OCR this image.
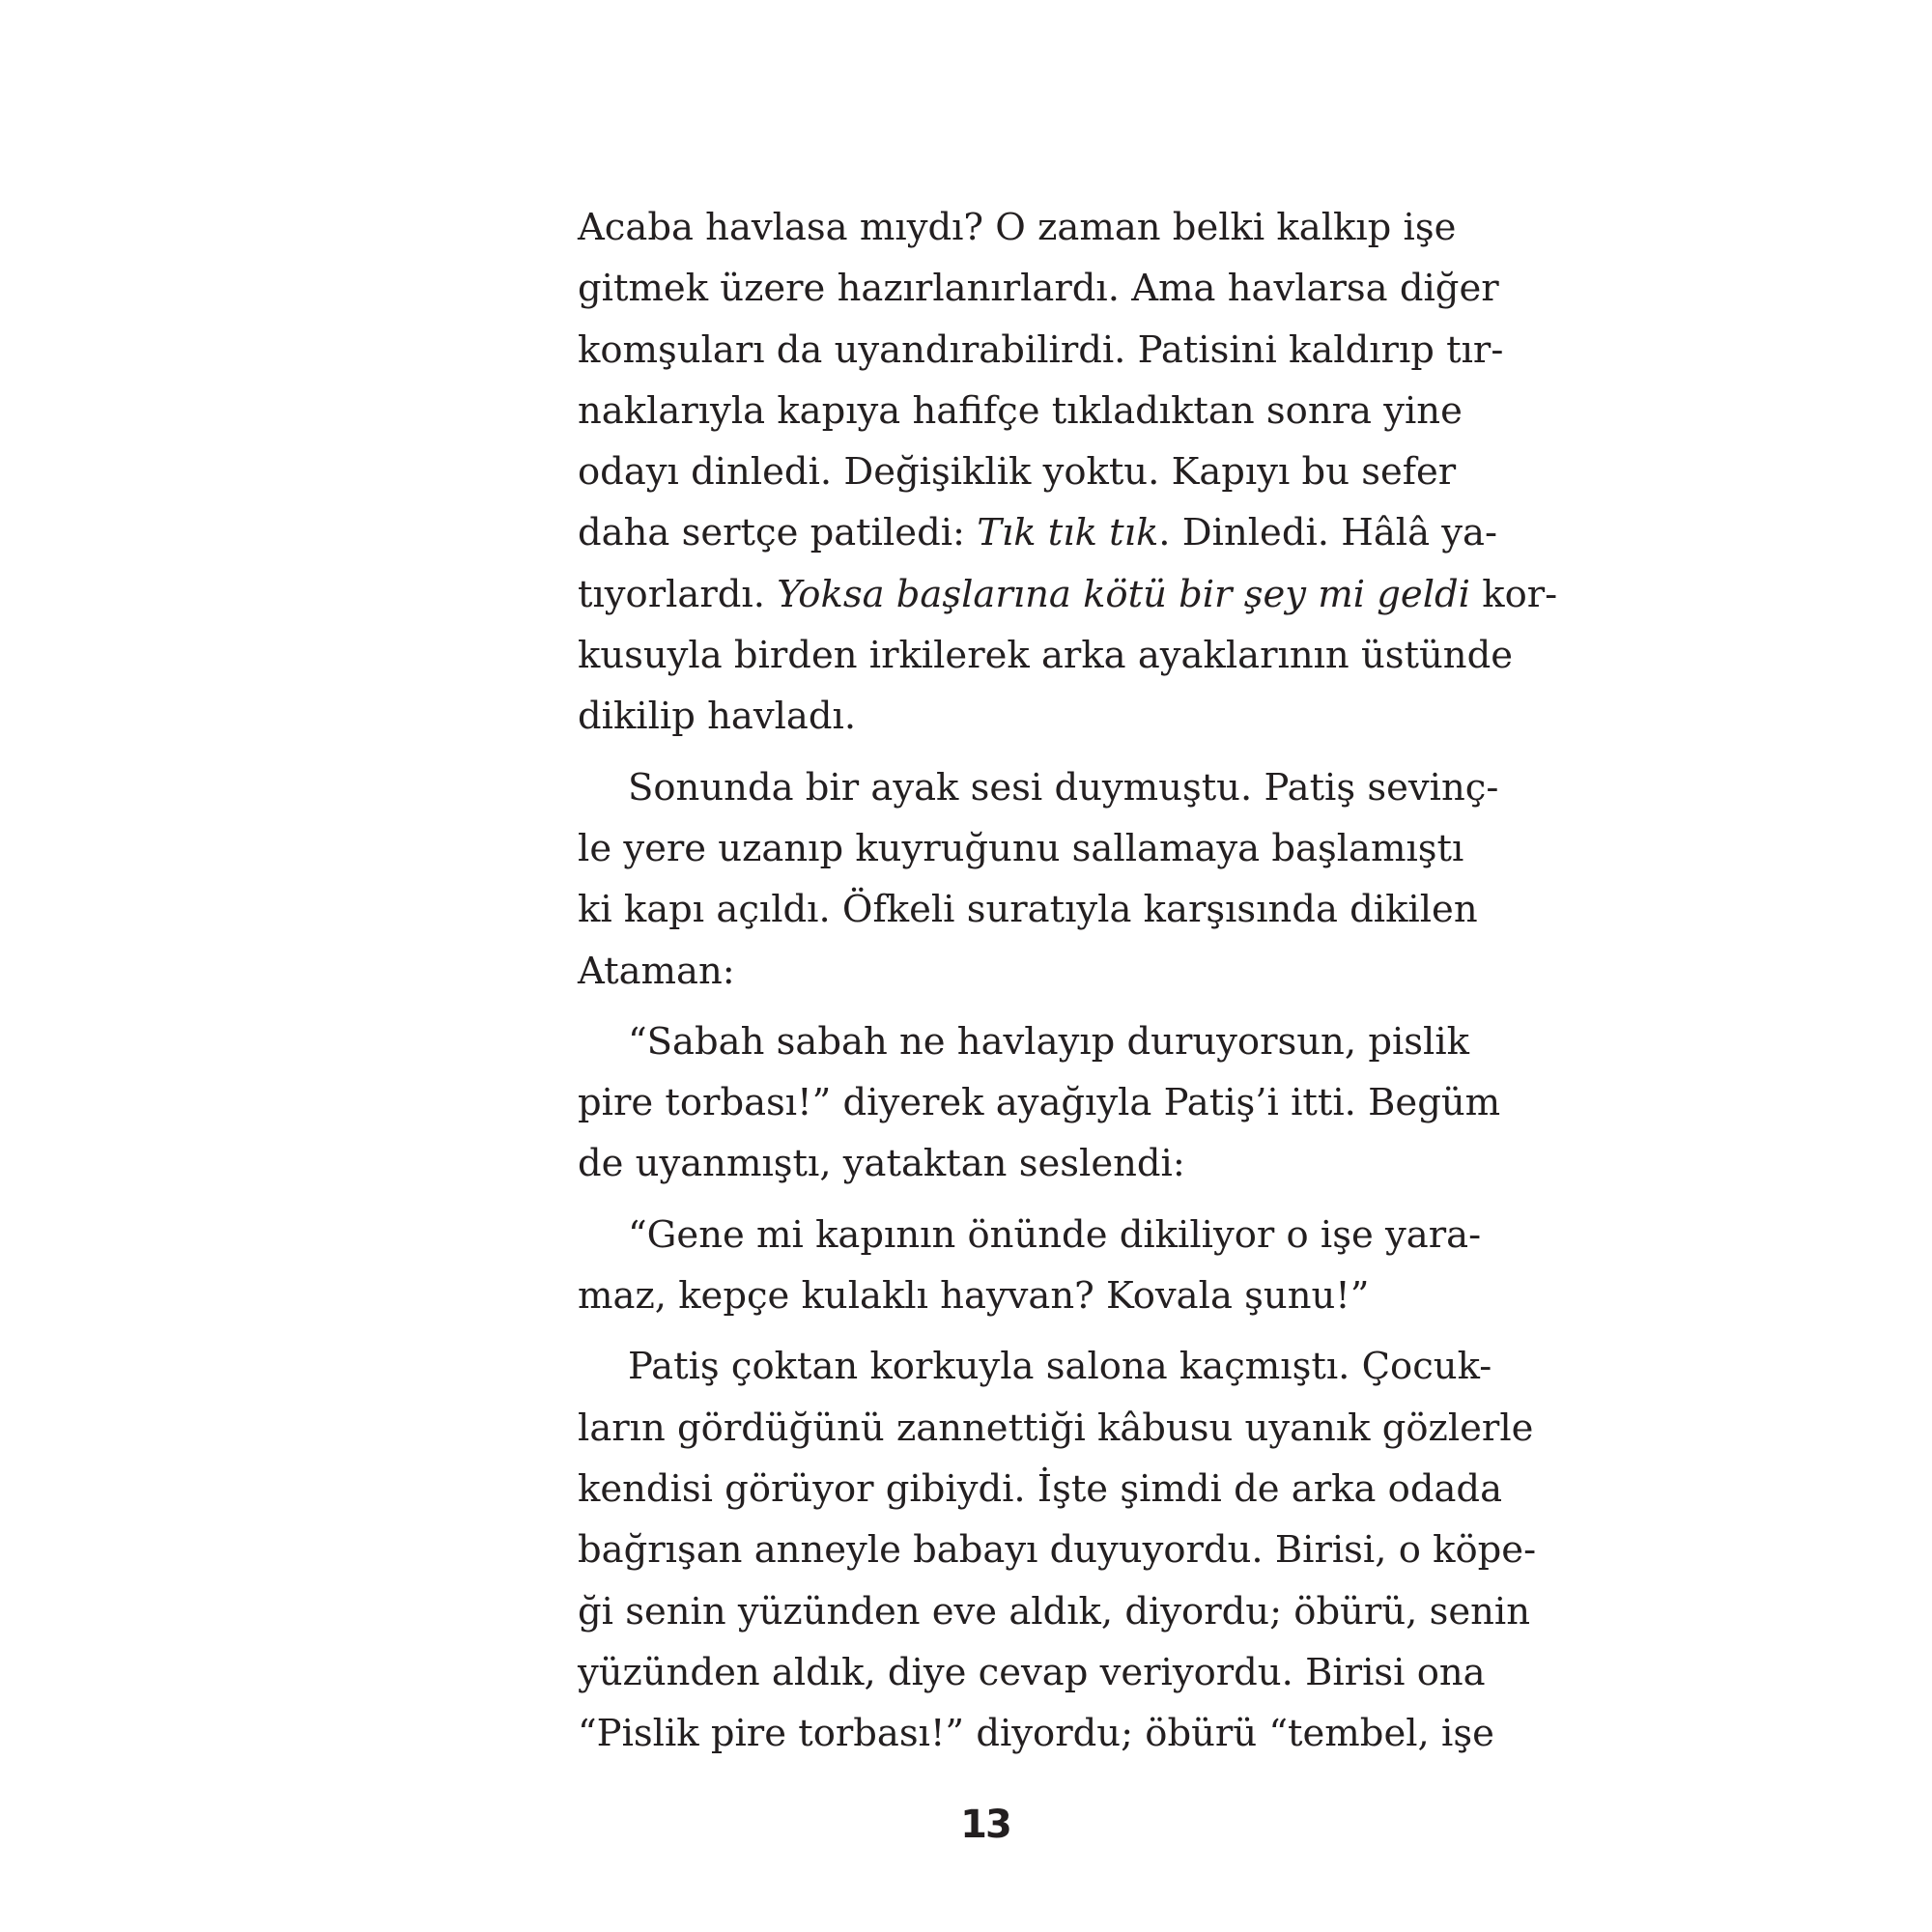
Acaba havlasa mıydı? O zaman belki kalkıp işe
gitmek üzere hazırlanırlardı. Ama havlarsa diğer
komşuları da uyandırabilirdi. Patisini kaldırıp tır-
naklarıyla kapıya hafifçe tıkladıktan sonra yine
odayı dinledi. Değişiklik yoktu. Kapıyı bu sefer
daha sertçe patiledi: Tık tık tık. Dinledi. Hâlâ ya-
tıyorlardı. Yoksa başlarına kötü bir şey mi geldi kor-
kusuyla birden irkilerek arka ayaklarının üstünde
dikilip havladı.
Sonunda bir ayak sesi duymuştu. Patiş sevinç-
le yere uzanıp kuyruğunu sallamaya başlamıştı
ki kapı açıldı. Öfkeli suratıyla karşısında dikilen
Ataman:
“Sabah sabah ne havlayıp duruyorsun, pislik
pire torbası!” diyerek ayağıyla Patiş’i itti. Begüm
de uyanmıştı, yataktan seslendi:
“Gene mi kapının önünde dikiliyor o işe yara-
maz, kepçe kulaklı hayvan? Kovala şunu!”
Patiş çoktan korkuyla salona kaçmıştı. Çocuk-
ların gördüğünü zannettiği kâbusu uyanık gözlerle
kendisi görüyor gibiydi. İşte şimdi de arka odada
bağrışan anneyle babayı duyuyordu. Birisi, o köpe-
ği senin yüzünden eve aldık, diyordu; öbürü, senin
yüzünden aldık, diye cevap veriyordu. Birisi ona
“Pislik pire torbası!” diyordu; öbürü “tembel, işe
13
